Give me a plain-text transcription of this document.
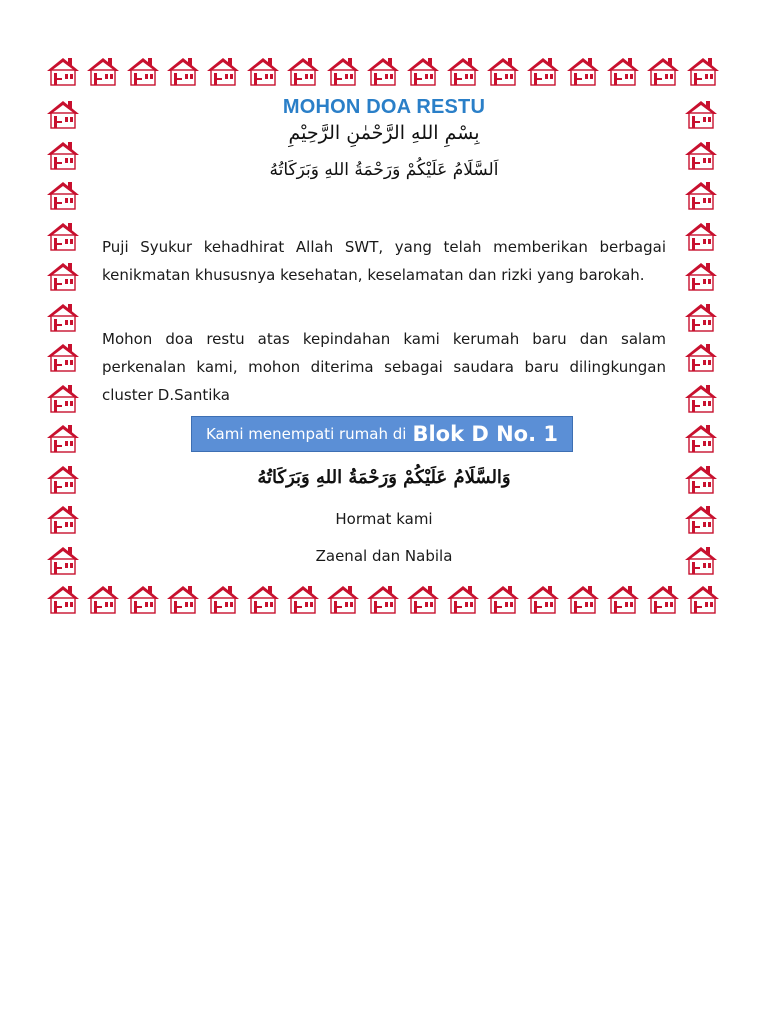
MOHON DOA RESTU
بِسْمِ اللهِ الرَّحْمٰنِ الرَّحِيْمِ
اَلسَّلَامُ عَلَيْكُمْ وَرَحْمَةُ اللهِ وَبَرَكَاتُهُ
Puji Syukur kehadhirat Allah SWT, yang telah memberikan berbagai kenikmatan khususnya kesehatan, keselamatan dan rizki yang barokah.
Mohon doa restu atas kepindahan kami kerumah baru dan salam perkenalan kami, mohon diterima sebagai saudara baru dilingkungan cluster D.Santika
Kami menempati rumah di Blok D No. 1
وَالسَّلَامُ عَلَيْكُمْ وَرَحْمَةُ اللهِ وَبَرَكَاتُهُ
Hormat kami
Zaenal dan Nabila
